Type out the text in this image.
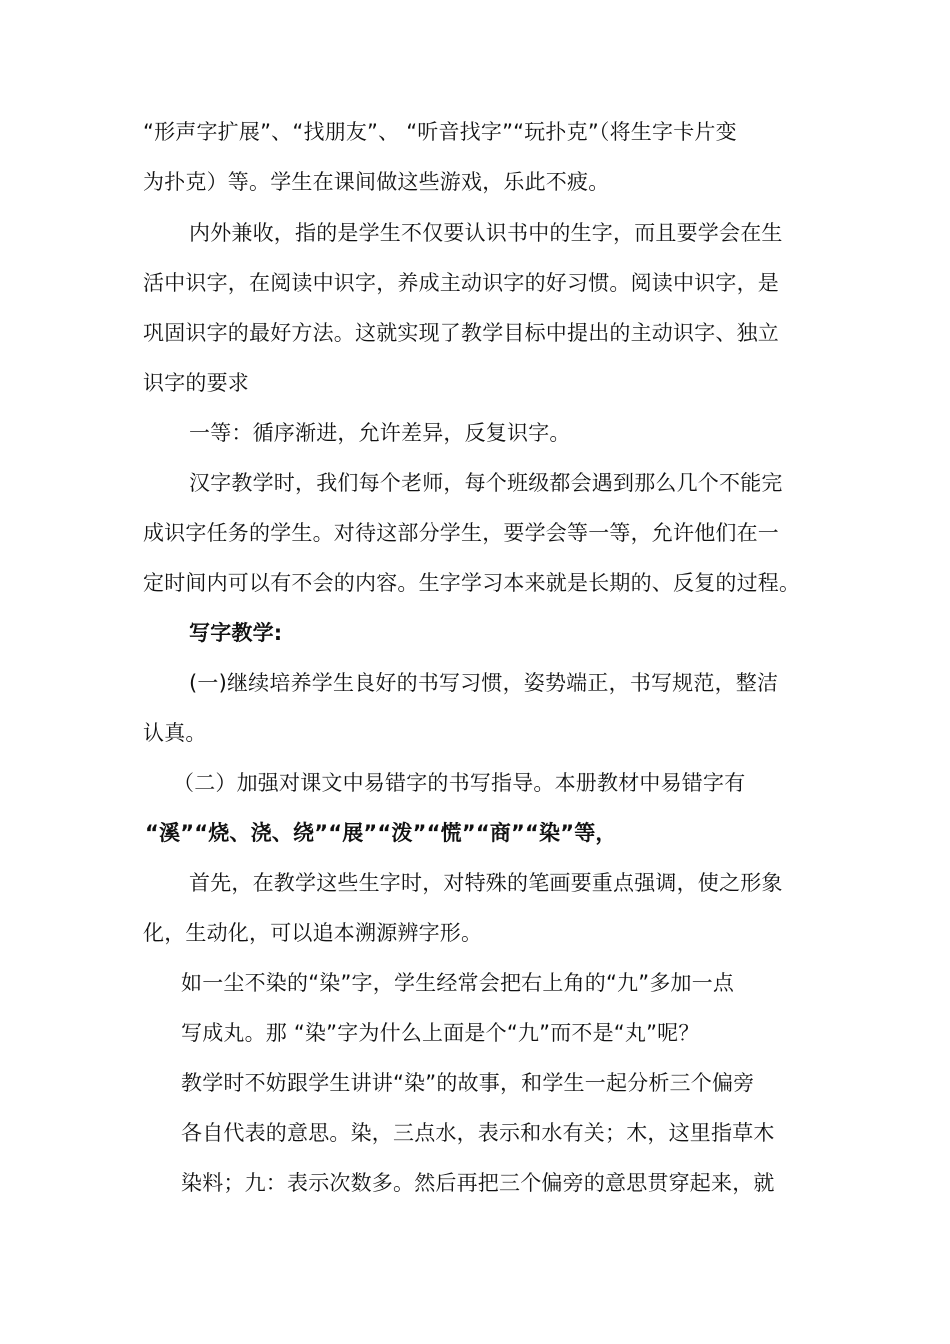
“形声字扩展”、“找朋友”、 “听音找字”“玩扑克”（将生字卡片变
为扑克）等。学生在课间做这些游戏，乐此不疲。
内外兼收，指的是学生不仅要认识书中的生字，而且要学会在生
活中识字，在阅读中识字，养成主动识字的好习惯。阅读中识字，是
巩固识字的最好方法。这就实现了教学目标中提出的主动识字、独立
识字的要求
一等：循序渐进，允许差异，反复识字。
汉字教学时，我们每个老师，每个班级都会遇到那么几个不能完
成识字任务的学生。对待这部分学生，要学会等一等，允许他们在一
定时间内可以有不会的内容。生字学习本来就是长期的、反复的过程。
写字教学:
(一)继续培养学生良好的书写习惯，姿势端正，书写规范，整洁
认真。
（二）加强对课文中易错字的书写指导。本册教材中易错字有
“溪”“烧、浇、绕”“展”“泼”“慌”“商”“染”等，
首先，在教学这些生字时，对特殊的笔画要重点强调，使之形象
化，生动化，可以追本溯源辨字形。
如一尘不染的“染”字，学生经常会把右上角的“九”多加一点
写成丸。那 “染”字为什么上面是个“九”而不是“丸”呢？
教学时不妨跟学生讲讲“染”的故事，和学生一起分析三个偏旁
各自代表的意思。染，三点水，表示和水有关；木，这里指草木
染料；九：表示次数多。然后再把三个偏旁的意思贯穿起来，就
